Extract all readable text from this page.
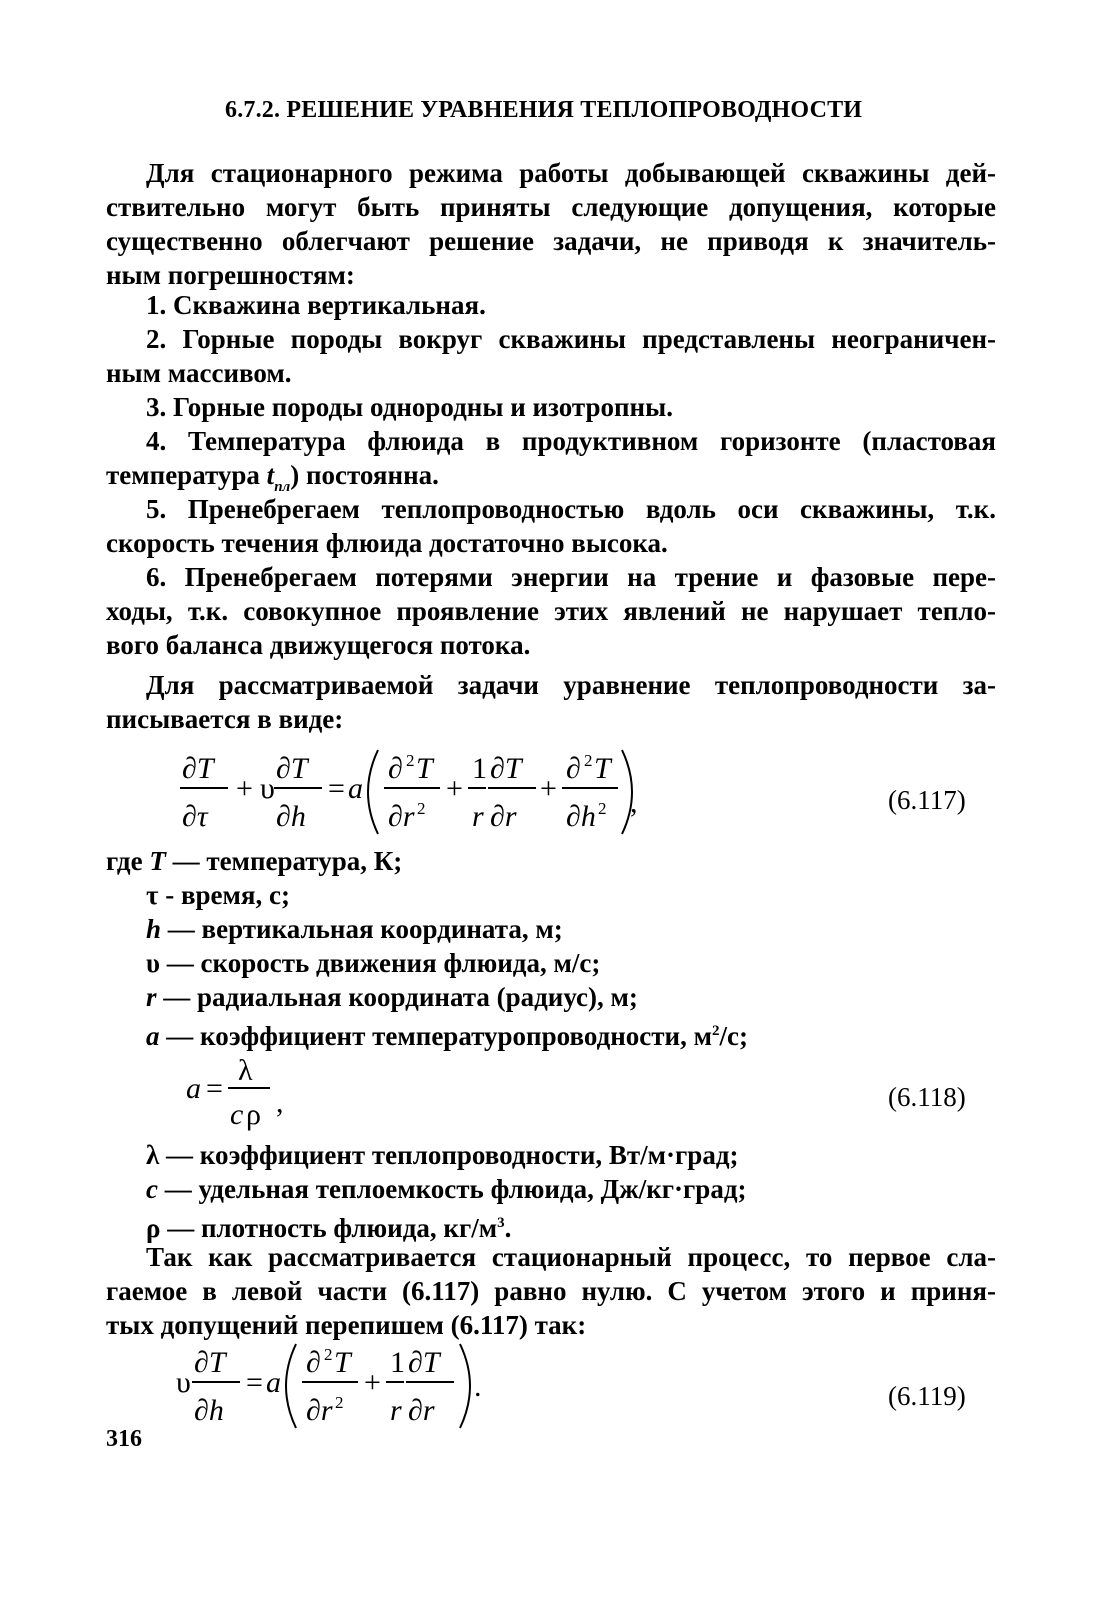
6.7.2. РЕШЕНИЕ УРАВНЕНИЯ ТЕПЛОПРОВОДНОСТИ
Для стационарного режима работы добывающей скважины дей-
ствительно могут быть приняты следующие допущения, которые
существенно облегчают решение задачи, не приводя к значитель-
ным погрешностям:
1. Скважина вертикальная.
2. Горные породы вокруг скважины представлены неограничен-
ным массивом.
3. Горные породы однородны и изотропны.
4. Температура флюида в продуктивном горизонте (пластовая
температура $t_{пл}$) постоянна.
5. Пренебрегаем теплопроводностью вдоль оси скважины, т.к.
скорость течения флюида достаточно высока.
6. Пренебрегаем потерями энергии на трение и фазовые пере-
ходы, т.к. совокупное проявление этих явлений не нарушает тепло-
вого баланса движущегося потока.
Для рассматриваемой задачи уравнение теплопроводности за-
писывается в виде:
∂T
∂τ
+ υ
∂T
∂h
= a
∂ 2 T
∂r 2
+
1
r
∂T
∂r
+
∂ 2 T
∂h 2 ,	(6.117)
где T — температура, К;
τ - время, с;
h — вертикальная координата, м;
υ — скорость движения флюида, м/с;
r — радиальная координата (радиус), м;
a — коэффициент температуропроводности, $м^2/с$;
a =
λ
c ρ ,	(6.118)
λ — коэффициент теплопроводности, Вт/м·град;
c — удельная теплоемкость флюида, Дж/кг·град;
ρ — плотность флюида, $кг/м^3$.
Так как рассматривается стационарный процесс, то первое сла-
гаемое в левой части (6.117) равно нулю. С учетом этого и приня-
тых допущений перепишем (6.117) так:
υ
∂T
∂h
= a
∂ 2 T
∂r 2
+
1
r
∂T
∂r
.	(6.119)
316
